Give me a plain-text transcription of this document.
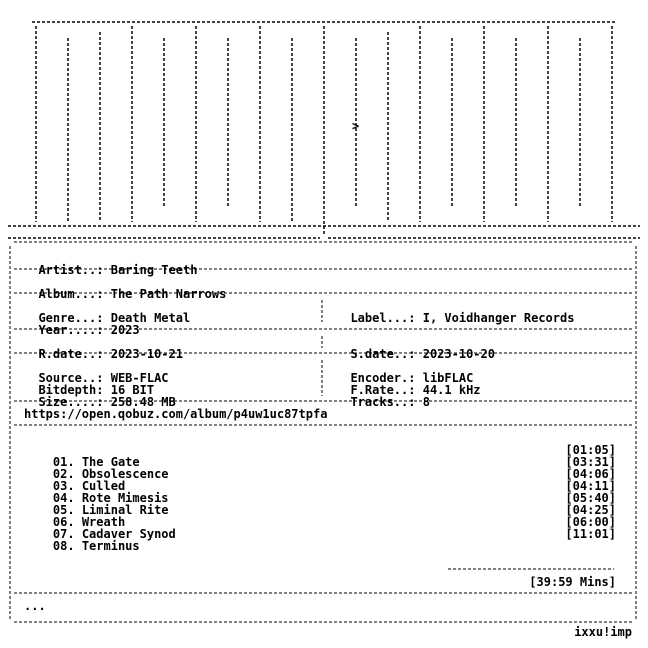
>

Artist..: Baring Teeth

Album...: The Path Narrows

Genre...: Death Metal

Year....: 2023

Label...: I, Voidhanger Records

R.date..: 2023-10-21	S.date..: 2023-10-20

Source..: WEB-FLAC

Bitdepth: 16 BIT

Size....: 258.48 MB

Encoder.: libFLAC

F.Rate..: 44.1 kHz

Tracks..: 8

https://open.qobuz.com/album/p4uw1uc87tpfa

01. The Gate

[01:05]

02. Obsolescence

[03:31]

03. Culled

[04:06]

04. Rote Mimesis

[04:11]

05. Liminal Rite

[05:40]

06. Wreath

[04:25]

07. Cadaver Synod

[06:00]

08. Terminus

[11:01]

[39:59 Mins]
...
ixxu!imp
